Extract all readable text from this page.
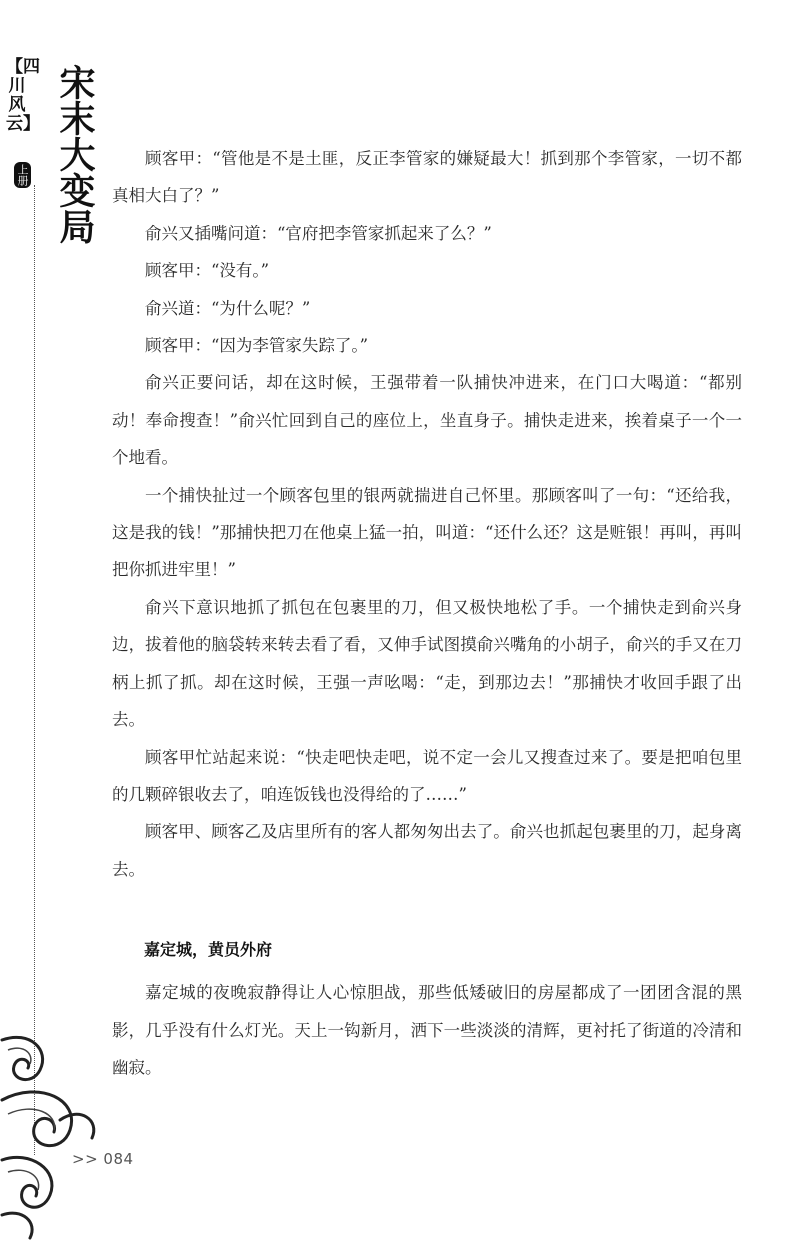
【四川风云】 宋末大变局
上册
>> 084

顾客甲：“管他是不是土匪，反正李管家的嫌疑最大！抓到那个李管家，一切不都真相大白了？”

俞兴又插嘴问道：“官府把李管家抓起来了么？”

顾客甲：“没有。”

俞兴道：“为什么呢？”

顾客甲：“因为李管家失踪了。”

俞兴正要问话，却在这时候，王强带着一队捕快冲进来，在门口大喝道：“都别动！奉命搜查！”俞兴忙回到自己的座位上，坐直身子。捕快走进来，挨着桌子一个一个地看。

一个捕快扯过一个顾客包里的银两就揣进自己怀里。那顾客叫了一句：“还给我，这是我的钱！”那捕快把刀在他桌上猛一拍，叫道：“还什么还？这是赃银！再叫，再叫把你抓进牢里！”

俞兴下意识地抓了抓包在包裹里的刀，但又极快地松了手。一个捕快走到俞兴身边，拔着他的脑袋转来转去看了看，又伸手试图摸俞兴嘴角的小胡子，俞兴的手又在刀柄上抓了抓。却在这时候，王强一声吆喝：“走，到那边去！”那捕快才收回手跟了出去。

顾客甲忙站起来说：“快走吧快走吧，说不定一会儿又搜查过来了。要是把咱包里的几颗碎银收去了，咱连饭钱也没得给的了……”

顾客甲、顾客乙及店里所有的客人都匆匆出去了。俞兴也抓起包裹里的刀，起身离去。

嘉定城，黄员外府

嘉定城的夜晚寂静得让人心惊胆战，那些低矮破旧的房屋都成了一团团含混的黑影，几乎没有什么灯光。天上一钩新月，洒下一些淡淡的清辉，更衬托了街道的冷清和幽寂。
